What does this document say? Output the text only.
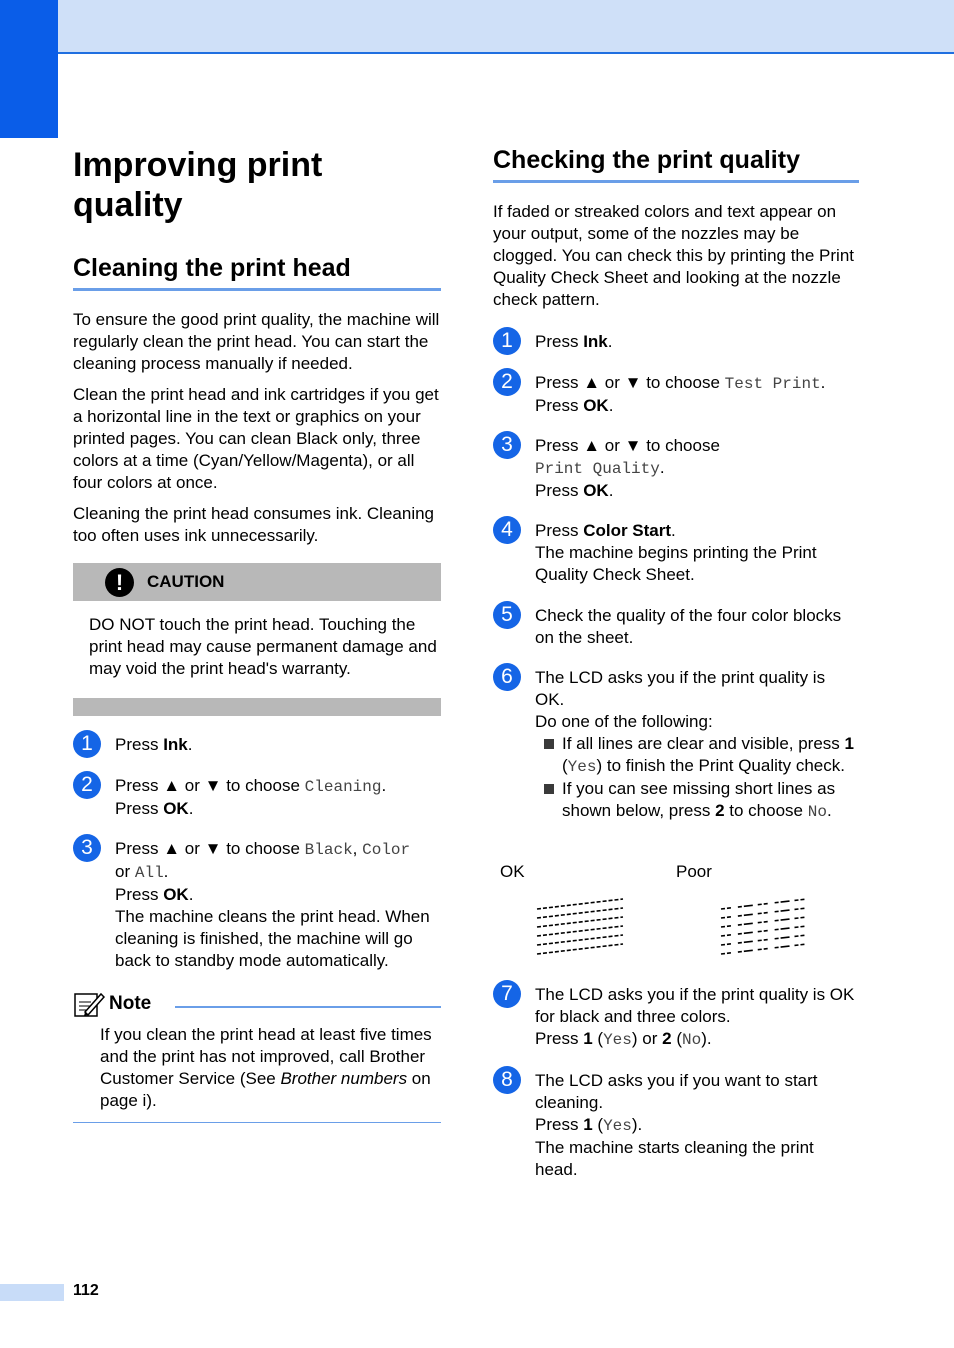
Improving print quality
Cleaning the print head

To ensure the good print quality, the machine will regularly clean the print head. You can start the cleaning process manually if needed.

Clean the print head and ink cartridges if you get a horizontal line in the text or graphics on your printed pages. You can clean Black only, three colors at a time (Cyan/Yellow/Magenta), or all four colors at once.

Cleaning the print head consumes ink. Cleaning too often uses ink unnecessarily.

!	CAUTION

DO NOT touch the print head. Touching the print head may cause permanent damage and may void the print head's warranty.

1	Press Ink.

2	Press ▲ or ▼ to choose Cleaning.
Press OK.

3	Press ▲ or ▼ to choose Black, Color
or All.
Press OK.
The machine cleans the print head. When cleaning is finished, the machine will go back to standby mode automatically.

Note

If you clean the print head at least five times and the print has not improved, call Brother Customer Service (See Brother numbers on page i).

Checking the print quality

If faded or streaked colors and text appear on your output, some of the nozzles may be clogged. You can check this by printing the Print Quality Check Sheet and looking at the nozzle check pattern.

1	Press Ink.

2	Press ▲ or ▼ to choose Test Print.
Press OK.

3	Press ▲ or ▼ to choose
Print Quality.
Press OK.

4	Press Color Start.
The machine begins printing the Print Quality Check Sheet.

5	Check the quality of the four color blocks on the sheet.

6	The LCD asks you if the print quality is OK.
Do one of the following:

If all lines are clear and visible, press 1 (Yes) to finish the Print Quality check.

If you can see missing short lines as shown below, press 2 to choose No.

OK	Poor

7	The LCD asks you if the print quality is OK for black and three colors.
Press 1 (Yes) or 2 (No).

8	The LCD asks you if you want to start cleaning.
Press 1 (Yes).
The machine starts cleaning the print head.

112
